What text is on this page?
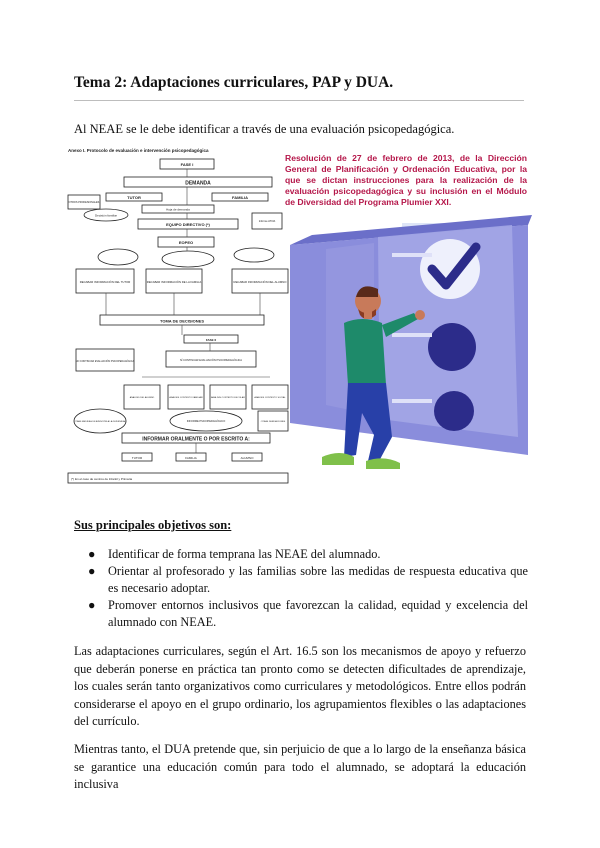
Tema 2: Adaptaciones curriculares, PAP y DUA.
Al NEAE se le debe identificar a través de una evaluación psicopedagógica.
Anexo I. Protocolo de evaluación e intervención psicopedagógica
FASE I
DEMANDA
TUTOR	FAMILIA
OTROS PROFESIONALES
Hoja de demanda
Decisión familiar
EQUIPO DIRECTIVO (*)
Informe ATIVA
EOPEO
RECABAR INFORMACIÓN DEL TUTOR	RECABAR INFORMACIÓN DE LA FAMILIA	RECABAR INFORMACIÓN DEL ALUMNO
TOMA DE DECISIONES
FASE II
NO CONTINUAR EVALUACIÓN PSICOPEDAGÓGICA	SÍ CONTINUAR EVALUACIÓN PSICOPEDAGÓGICA
ANÁLISIS DEL ALUMNO	ANÁLISIS CONTEXTO FAMILIAR	ANÁLISIS CONTEXTO ESCOLAR	ANÁLISIS CONTEXTO SOCIAL
OTRAS MEDIDAS DE ATENCIÓN A LA DIVERSIDAD	INFORME PSICOPEDAGÓGICO	OTRAS DERIVACIONES
INFORMAR ORALMENTE O POR ESCRITO A:
TUTOR	FAMILIA	ALUMNO
(*) En el caso de centros de Infantil y Primaria
Resolución de 27 de febrero de 2013, de la Dirección General de Planificación y Ordenación Educativa, por la que se dictan instrucciones para la realización de la evaluación psicopedagógica y su inclusión en el Módulo de Diversidad del Programa Plumier XXI.
Sus principales objetivos son:
● Identificar de forma temprana las NEAE del alumnado.
● Orientar al profesorado y las familias sobre las medidas de respuesta educativa que es necesario adoptar.
● Promover entornos inclusivos que favorezcan la calidad, equidad y excelencia del alumnado con NEAE.
Las adaptaciones curriculares, según el Art. 16.5 son los mecanismos de apoyo y refuerzo que deberán ponerse en práctica tan pronto como se detecten dificultades de aprendizaje, los cuales serán tanto organizativos como curriculares y metodológicos. Entre ellos podrán considerarse el apoyo en el grupo ordinario, los agrupamientos flexibles o las adaptaciones del currículo.
Mientras tanto, el DUA pretende que, sin perjuicio de que a lo largo de la enseñanza básica se garantice una educación común para todo el alumnado, se adoptará la educación inclusiva
